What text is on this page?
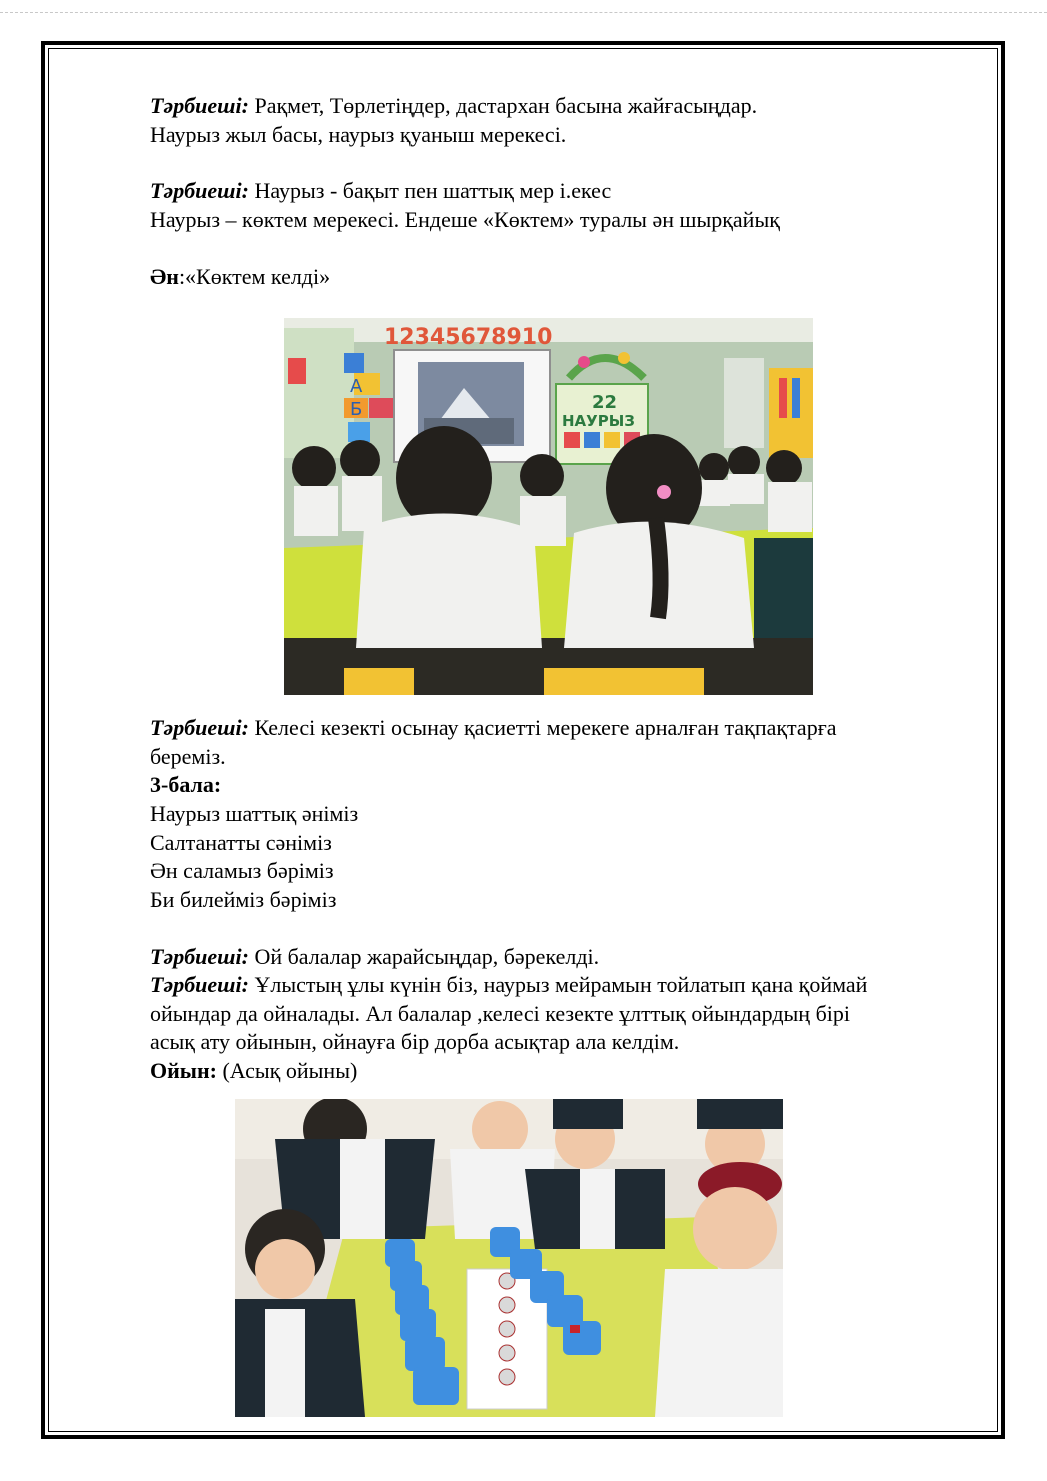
Тәрбиеші: Рақмет, Төрлетіңдер, дастархан басына жайғасыңдар.
Наурыз жыл басы, наурыз қуаныш мерекесі.
Тәрбиеші: Наурыз - бақыт пен шаттық мер і.екес
Наурыз – көктем мерекесі. Ендеше «Көктем» туралы ән шырқайық
Ән:«Көктем келді»
А
Б
12345678910
22
НАУРЫЗ
Тәрбиеші: Келесі кезекті осынау қасиетті мерекеге арналған тақпақтарға
береміз.
3-бала:
Наурыз шаттық әніміз
Салтанатты сәніміз
Ән саламыз бәріміз
Би билейміз бәріміз
Тәрбиеші: Ой балалар жарайсыңдар, бәрекелді.
Тәрбиеші: Ұлыстың ұлы күнін біз, наурыз мейрамын тойлатып қана қоймай
ойындар да ойналады. Ал балалар ,келесі кезекте ұлттық ойындардың бірі
асық ату ойынын, ойнауға бір дорба асықтар ала келдім.
Ойын: (Асық ойыны)
